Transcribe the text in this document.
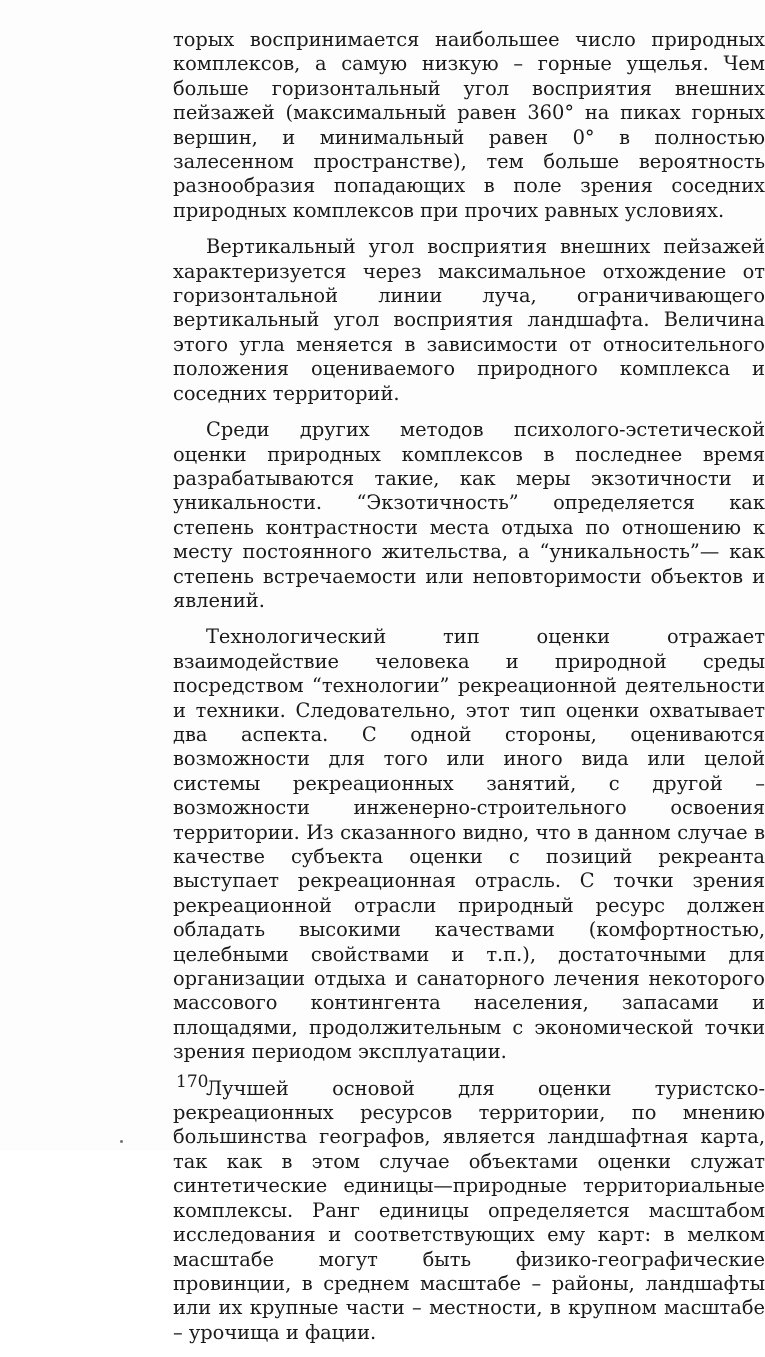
торых воспринимается наибольшее число природных комплексов, а самую низкую – горные ущелья. Чем больше горизонтальный угол восприятия внешних пейзажей (максимальный равен 360° на пиках горных вершин, и минимальный равен 0° в полностью залесенном пространстве), тем больше вероятность разнообразия попадающих в поле зрения соседних природных комплексов при прочих равных условиях.

Вертикальный угол восприятия внешних пейзажей характеризуется через максимальное отхождение от горизонтальной линии луча, ограничивающего вертикальный угол восприятия ландшафта. Величина этого угла меняется в зависимости от относительного положения оцениваемого природного комплекса и соседних территорий.

Среди других методов психолого-эстетической оценки природных комплексов в последнее время разрабатываются такие, как меры экзотичности и уникальности. “Экзотичность” определяется как степень контрастности места отдыха по отношению к месту постоянного жительства, а “уникальность”— как степень встречаемости или неповторимости объектов и явлений.

Технологический тип оценки отражает взаимодействие человека и природной среды посредством “технологии” рекреационной деятельности и техники. Следовательно, этот тип оценки охватывает два аспекта. С одной стороны, оцениваются возможности для того или иного вида или целой системы рекреационных занятий, с другой – возможности инженерно-строительного освоения территории. Из сказанного видно, что в данном случае в качестве субъекта оценки с позиций рекреанта выступает рекреационная отрасль. С точки зрения рекреационной отрасли природный ресурс должен обладать высокими качествами (комфортностью, целебными свойствами и т.п.), достаточными для организации отдыха и санаторного лечения некоторого массового контингента населения, запасами и площадями, продолжительным с экономической точки зрения периодом эксплуатации.

Лучшей основой для оценки туристско-рекреационных ресурсов территории, по мнению большинства географов, является ландшафтная карта, так как в этом случае объектами оценки служат синтетические единицы—природные территориальные комплексы. Ранг единицы определяется масштабом исследования и соответствующих ему карт: в мелком масштабе могут быть физико-географические провинции, в среднем масштабе – районы, ландшафты или их крупные части – местности, в крупном масштабе – урочища и фации.

170
